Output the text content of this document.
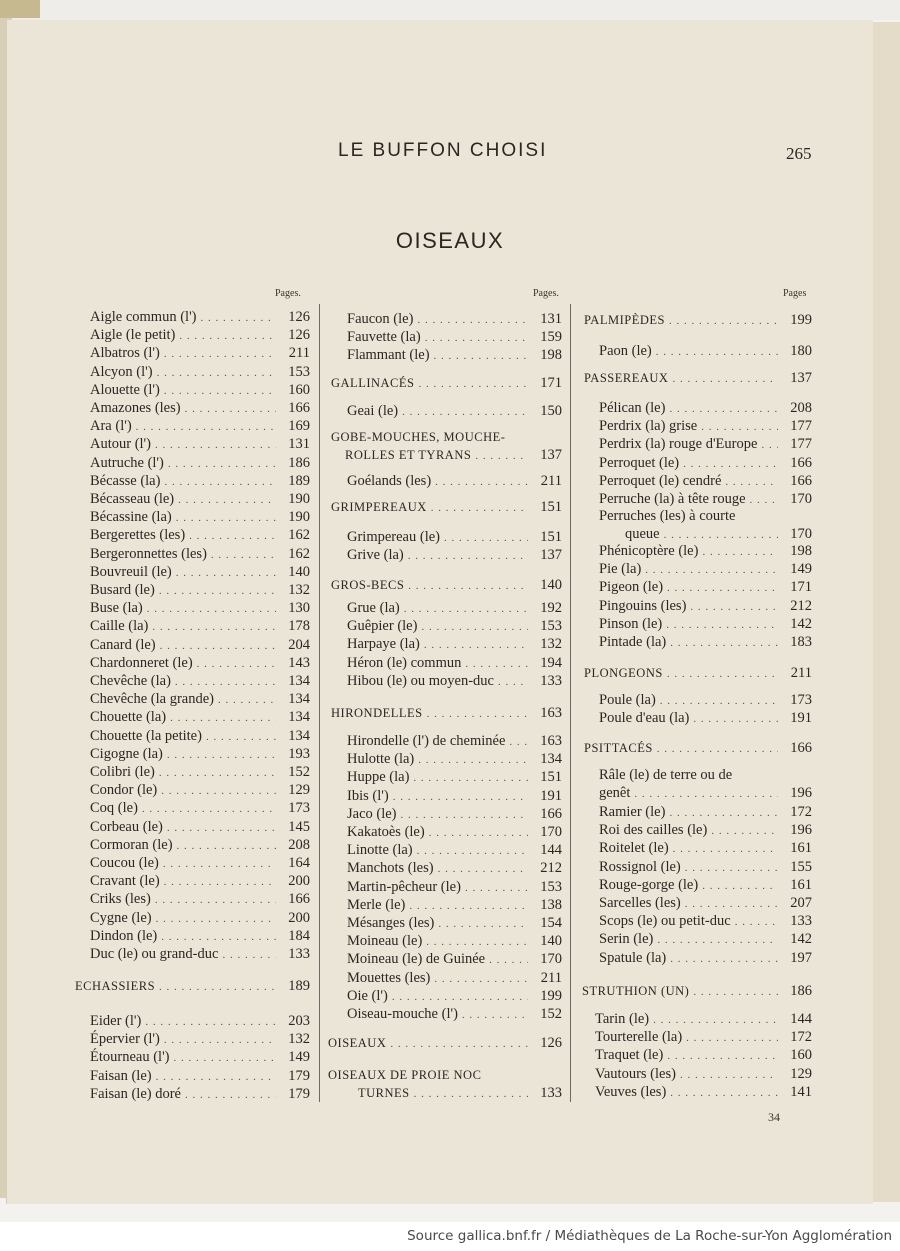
LE BUFFON CHOISI	265
OISEAUX
Pages.	Pages.	Pages
Aigle commun (l') . . .	126
Aigle (le petit) . . .	126
Albatros (l') . . .	211
Alcyon (l') . . .	153
Alouette (l') . . .	160
Amazones (les) . . .	166
Ara (l') . . .	169
Autour (l') . . .	131
Autruche (l') . . .	186
Bécasse (la) . . .	189
Bécasseau (le) . . .	190
Bécassine (la) . . .	190
Bergerettes (les) . . .	162
Bergeronnettes (les) . . .	162
Bouvreuil (le) . . .	140
Busard (le) . . .	132
Buse (la) . . .	130
Caille (la) . . .	178
Canard (le) . . .	204
Chardonneret (le) . . .	143
Chevêche (la) . . .	134
Chevêche (la grande) . . .	134
Chouette (la) . . .	134
Chouette (la petite) . . .	134
Cigogne (la) . . .	193
Colibri (le) . . .	152
Condor (le) . . .	129
Coq (le) . . .	173
Corbeau (le) . . .	145
Cormoran (le) . . .	208
Coucou (le) . . .	164
Cravant (le) . . .	200
Criks (les) . . .	166
Cygne (le) . . .	200
Dindon (le) . . .	184
Duc (le) ou grand-duc . . .	133
ECHASSIERS . . .	189
Eider (l') . . .	203
Épervier (l') . . .	132
Étourneau (l') . . .	149
Faisan (le) . . .	179
Faisan (le) doré . . .	179
Faucon (le) . . .	131
Fauvette (la) . . .	159
Flammant (le) . . .	198
GALLINACÉS . . .	171
Geai (le) . . .	150
GOBE-MOUCHES, MOUCHE-
ROLLES ET TYRANS . . .	137
Goélands (les) . . .	211
GRIMPEREAUX . . .	151
Grimpereau (le) . . .	151
Grive (la) . . .	137
GROS-BECS . . .	140
Grue (la) . . .	192
Guêpier (le) . . .	153
Harpaye (la) . . .	132
Héron (le) commun . . .	194
Hibou (le) ou moyen-duc . . .	133
HIRONDELLES . . .	163
Hirondelle (l') de cheminée . . .	163
Hulotte (la) . . .	134
Huppe (la) . . .	151
Ibis (l') . . .	191
Jaco (le) . . .	166
Kakatoès (le) . . .	170
Linotte (la) . . .	144
Manchots (les) . . .	212
Martin-pêcheur (le) . . .	153
Merle (le) . . .	138
Mésanges (les) . . .	154
Moineau (le) . . .	140
Moineau (le) de Guinée . . .	170
Mouettes (les) . . .	211
Oie (l') . . .	199
Oiseau-mouche (l') . . .	152
OISEAUX . . .	126
OISEAUX DE PROIE NOC
TURNES . . .	133
PALMIPÈDES . . .	199
Paon (le) . . .	180
PASSEREAUX . . .	137
Pélican (le) . . .	208
Perdrix (la) grise . . .	177
Perdrix (la) rouge d'Europe . . .	177
Perroquet (le) . . .	166
Perroquet (le) cendré . . .	166
Perruche (la) à tête rouge . . .	170
Perruches (les) à courte
queue . . .	170
Phénicoptère (le) . . .	198
Pie (la) . . .	149
Pigeon (le) . . .	171
Pingouins (les) . . .	212
Pinson (le) . . .	142
Pintade (la) . . .	183
PLONGEONS . . .	211
Poule (la) . . .	173
Poule d'eau (la) . . .	191
PSITTACÉS . . .	166
Râle (le) de terre ou de
genêt . . .	196
Ramier (le) . . .	172
Roi des cailles (le) . . .	196
Roitelet (le) . . .	161
Rossignol (le) . . .	155
Rouge-gorge (le) . . .	161
Sarcelles (les) . . .	207
Scops (le) ou petit-duc . . .	133
Serin (le) . . .	142
Spatule (la) . . .	197
STRUTHION (UN) . . .	186
Tarin (le) . . .	144
Tourterelle (la) . . .	172
Traquet (le) . . .	160
Vautours (les) . . .	129
Veuves (les) . . .	141
34
Source gallica.bnf.fr / Médiathèques de La Roche-sur-Yon Agglomération
